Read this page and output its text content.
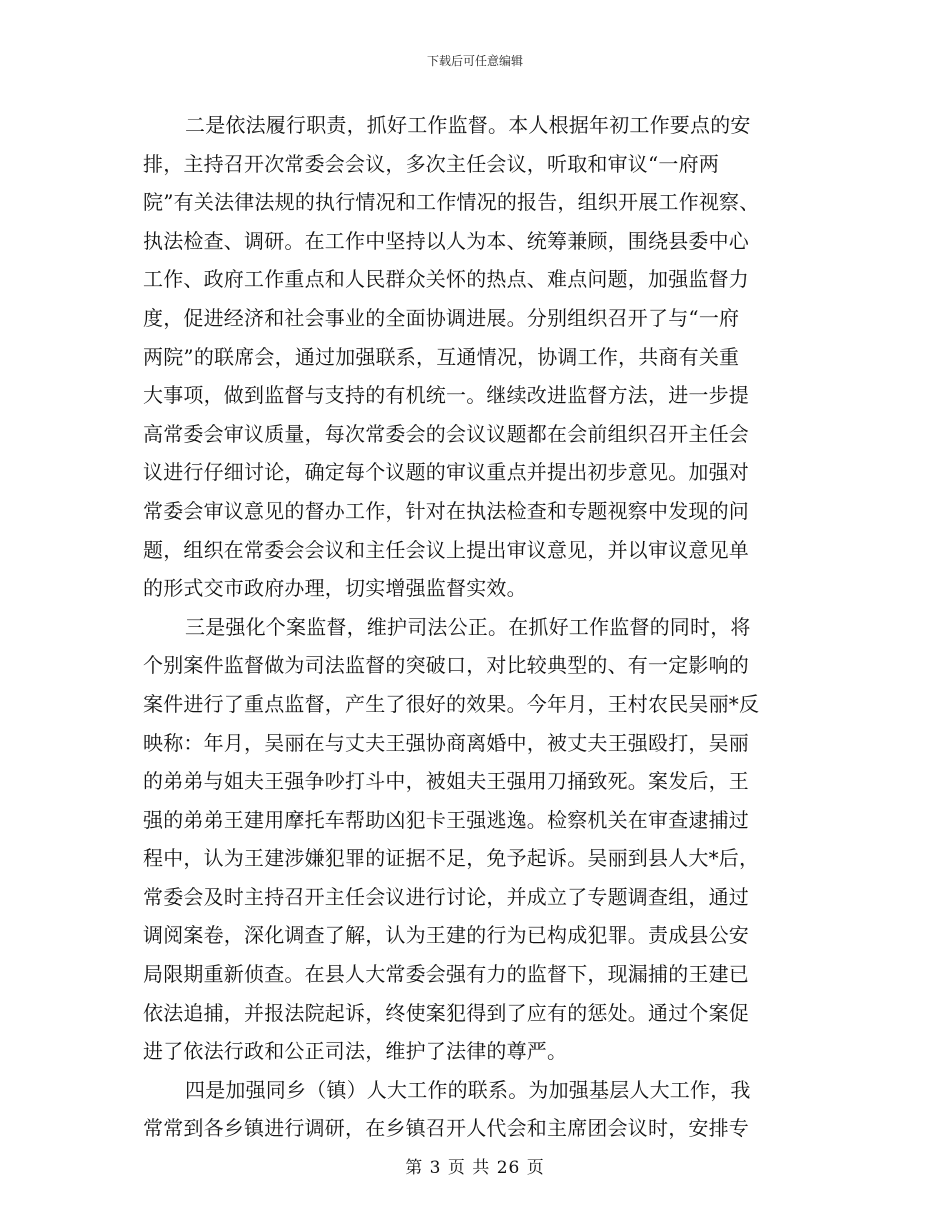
下载后可任意编辑
二是依法履行职责，抓好工作监督。本人根据年初工作要点的安
排，主持召开次常委会会议，多次主任会议，听取和审议“一府两
院”有关法律法规的执行情况和工作情况的报告，组织开展工作视察、
执法检查、调研。在工作中坚持以人为本、统筹兼顾，围绕县委中心
工作、政府工作重点和人民群众关怀的热点、难点问题，加强监督力
度，促进经济和社会事业的全面协调进展。分别组织召开了与“一府
两院”的联席会，通过加强联系，互通情况，协调工作，共商有关重
大事项，做到监督与支持的有机统一。继续改进监督方法，进一步提
高常委会审议质量，每次常委会的会议议题都在会前组织召开主任会
议进行仔细讨论，确定每个议题的审议重点并提出初步意见。加强对
常委会审议意见的督办工作，针对在执法检查和专题视察中发现的问
题，组织在常委会会议和主任会议上提出审议意见，并以审议意见单
的形式交市政府办理，切实增强监督实效。
三是强化个案监督，维护司法公正。在抓好工作监督的同时，将
个别案件监督做为司法监督的突破口，对比较典型的、有一定影响的
案件进行了重点监督，产生了很好的效果。今年月，王村农民吴丽*反
映称：年月，吴丽在与丈夫王强协商离婚中，被丈夫王强殴打，吴丽
的弟弟与姐夫王强争吵打斗中，被姐夫王强用刀捅致死。案发后，王
强的弟弟王建用摩托车帮助凶犯卡王强逃逸。检察机关在审查逮捕过
程中，认为王建涉嫌犯罪的证据不足，免予起诉。吴丽到县人大*后，
常委会及时主持召开主任会议进行讨论，并成立了专题调查组，通过
调阅案卷，深化调查了解，认为王建的行为已构成犯罪。责成县公安
局限期重新侦查。在县人大常委会强有力的监督下，现漏捕的王建已
依法追捕，并报法院起诉，终使案犯得到了应有的惩处。通过个案促
进了依法行政和公正司法，维护了法律的尊严。
四是加强同乡（镇）人大工作的联系。为加强基层人大工作，我
常常到各乡镇进行调研，在乡镇召开人代会和主席团会议时，安排专
第 3 页 共 26 页
